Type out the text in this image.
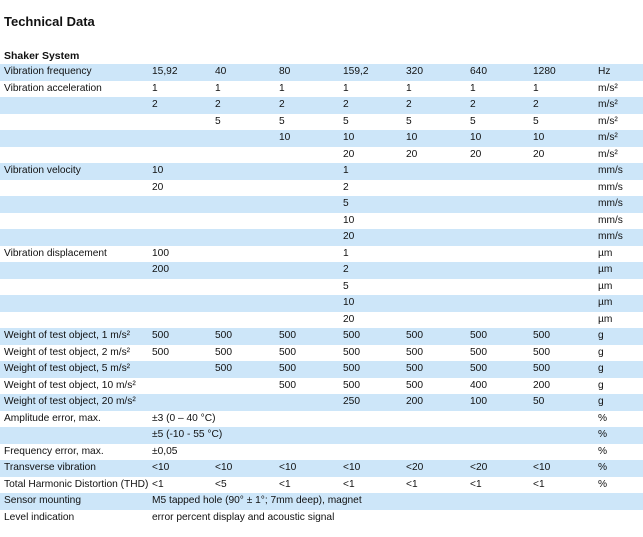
Technical Data
Shaker System
Vibration frequency	15,92	40	80	159,2	320	640	1280	Hz
Vibration acceleration	1	1	1	1	1	1	1	m/s²
	2	2	2	2	2	2	2	m/s²
		5	5	5	5	5	5	m/s²
			10	10	10	10	10	m/s²
				20	20	20	20	m/s²
Vibration velocity	10			1				mm/s
	20			2				mm/s
				5				mm/s
				10				mm/s
				20				mm/s
Vibration displacement	100			1				µm
	200			2				µm
				5				µm
				10				µm
				20				µm
Weight of test object, 1 m/s²	500	500	500	500	500	500	500	g
Weight of test object, 2 m/s²	500	500	500	500	500	500	500	g
Weight of test object, 5 m/s²		500	500	500	500	500	500	g
Weight of test object, 10 m/s²			500	500	500	400	200	g
Weight of test object, 20 m/s²				250	200	100	50	g
Amplitude error, max.	±3 (0 – 40 °C)							%
	±5 (-10 - 55 °C)							%
Frequency error, max.	±0,05							%
Transverse vibration	<10	<10	<10	<10	<20	<20	<10	%
Total Harmonic Distortion (THD)	<1	<5	<1	<1	<1	<1	<1	%
Sensor mounting	M5 tapped hole (90° ± 1°; 7mm deep), magnet							
Level indication	error percent display and acoustic signal							
